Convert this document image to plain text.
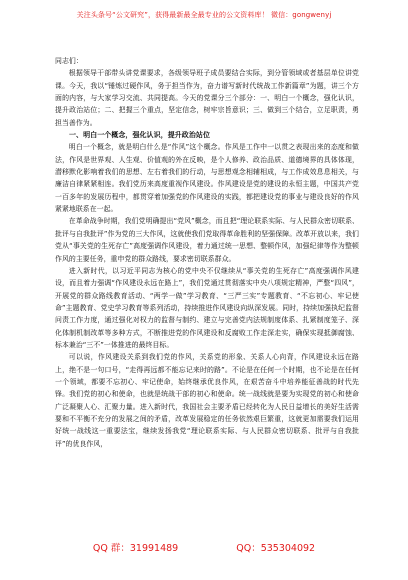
关注头条号“公文研究”，获得最新最全最专业的公文资料库！ 微信：gongwenyj

同志们：

根据领导干部带头讲党课要求，各级领导班子成员要结合实际，到分管领域或者基层单位讲党课。今天，我以“锤炼过硬作风，务于担当作为，奋力谱写新时代统战工作新篇章”为题，讲三个方面的内容，与大家学习交流、共同提高。今天的党课分三个部分：一、明白一个概念，强化认识，提升政治站位；二、把握三个重点，坚定信念，树牢宗旨意识；三、做到三个结合，立足职责，勇担当善作为。

一、明白一个概念，强化认识，提升政治站位

明白一个概念，就是明白什么是“作风”这个概念。作风是工作中一以贯之表现出来的态度和做法，作风是世界观、人生观、价值观的外在反映，是个人修养、政治品质、道德境界的具体体现，潜移默化影响着我们的思想、左右着我们的行动，与思想观念相辅相成，与工作成效息息相关，与廉洁自律紧紧相连。我们党历来高度重视作风建设。作风建设是党的建设的永恒主题，中国共产党一百多年的发展历程中，都贯穿着加强党的作风建设的实践，都把建设党的事业与建设良好的作风紧紧地联系在一起。

在革命战争时期，我们党明确提出“党风”概念，而且把“理论联系实际、与人民群众密切联系、批评与自我批评”作为党的三大作风，这就使我们党取得革命胜利的坚强保障。改革开放以来，我们党从“事关党的生死存亡”高度强调作风建设，着力通过统一思想、整顿作风，加强纪律等作为整顿作风的主要任务，重申党的群众路线，要求密切联系群众。

进入新时代，以习近平同志为核心的党中央不仅继续从“事关党的生死存亡”高度强调作风建设，而且着力强调“作风建设永远在路上”，我们党通过贯彻落实中央八项规定精神，严整“四风”，开展党的群众路线教育活动、“两学一做”学习教育、“三严三实”专题教育、“不忘初心、牢记使命”主题教育、党史学习教育等系列活动，持续推进作风建设向纵深发展。同时，持续加强执纪监督问责工作力度，通过强化对权力的监督与制约、建立与完善党内法规制度体系、扎紧制度笼子、深化体制机制改革等多种方式，不断推进党的作风建设和反腐败工作走深走实，确保实现抵御腐蚀、标本兼治“三不”一体推进的最终目标。

可以说，作风建设关系到我们党的作风，关系党的形象、关系人心向背，作风建设永远在路上，绝不是一句口号，“走得再远都不能忘记来时的路”。不论是在任何一个时期，也不论是在任何一个领域，都要不忘初心、牢记使命，始终继承优良作风，在艰苦奋斗中培养能征善战的时代先锋。我们党的初心和使命，也就是统战干部的初心和使命。统一战线就是要为实现党的初心和使命广泛凝聚人心、汇聚力量。进入新时代，我国社会主要矛盾已经转化为人民日益增长的美好生活需要和不平衡不充分的发展之间的矛盾，改革发展稳定的任务依然艰巨繁重，这就更加需要我们运用好统一战线这一重要法宝，继续发扬我党“理论联系实际、与人民群众密切联系、批评与自我批评”的优良作风，

QQ 群：31991489	QQ：535304092
